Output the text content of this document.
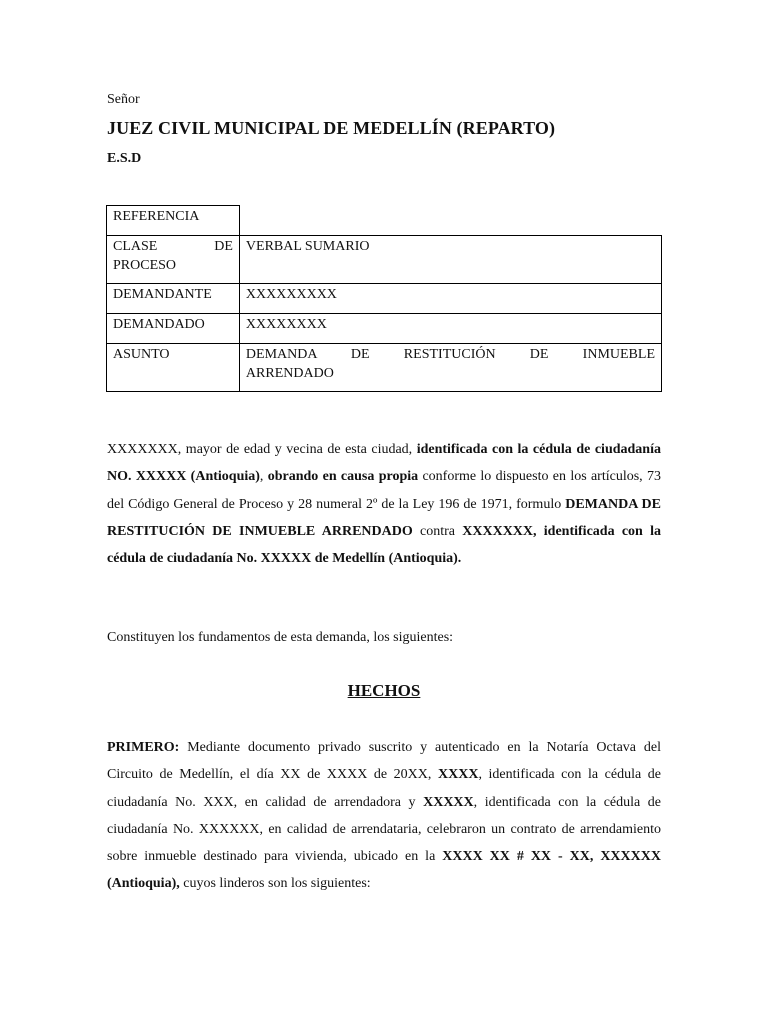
Señor
JUEZ CIVIL MUNICIPAL DE MEDELLÍN (REPARTO)
E.S.D
REFERENCIA	

CLASE DE
PROCESO	VERBAL SUMARIO
DEMANDANTE	XXXXXXXXX
DEMANDADO	XXXXXXXX
ASUNTO	DEMANDA DE RESTITUCIÓN DE INMUEBLE
ARRENDADO

XXXXXXX, mayor de edad y vecina de esta ciudad, identificada con la cédula de ciudadanía NO. XXXXX (Antioquia), obrando en causa propia conforme lo dispuesto en los artículos, 73 del Código General de Proceso y 28 numeral 2º de la Ley 196 de 1971, formulo DEMANDA DE RESTITUCIÓN DE INMUEBLE ARRENDADO contra XXXXXXX, identificada con la cédula de ciudadanía No. XXXXX de Medellín (Antioquia).

Constituyen los fundamentos de esta demanda, los siguientes:

HECHOS

PRIMERO: Mediante documento privado suscrito y autenticado en la Notaría Octava del Circuito de Medellín, el día XX de XXXX de 20XX, XXXX, identificada con la cédula de ciudadanía No. XXX, en calidad de arrendadora y XXXXX, identificada con la cédula de ciudadanía No. XXXXXX, en calidad de arrendataria, celebraron un contrato de arrendamiento sobre inmueble destinado para vivienda, ubicado en la XXXX XX # XX - XX, XXXXXX (Antioquia), cuyos linderos son los siguientes:
